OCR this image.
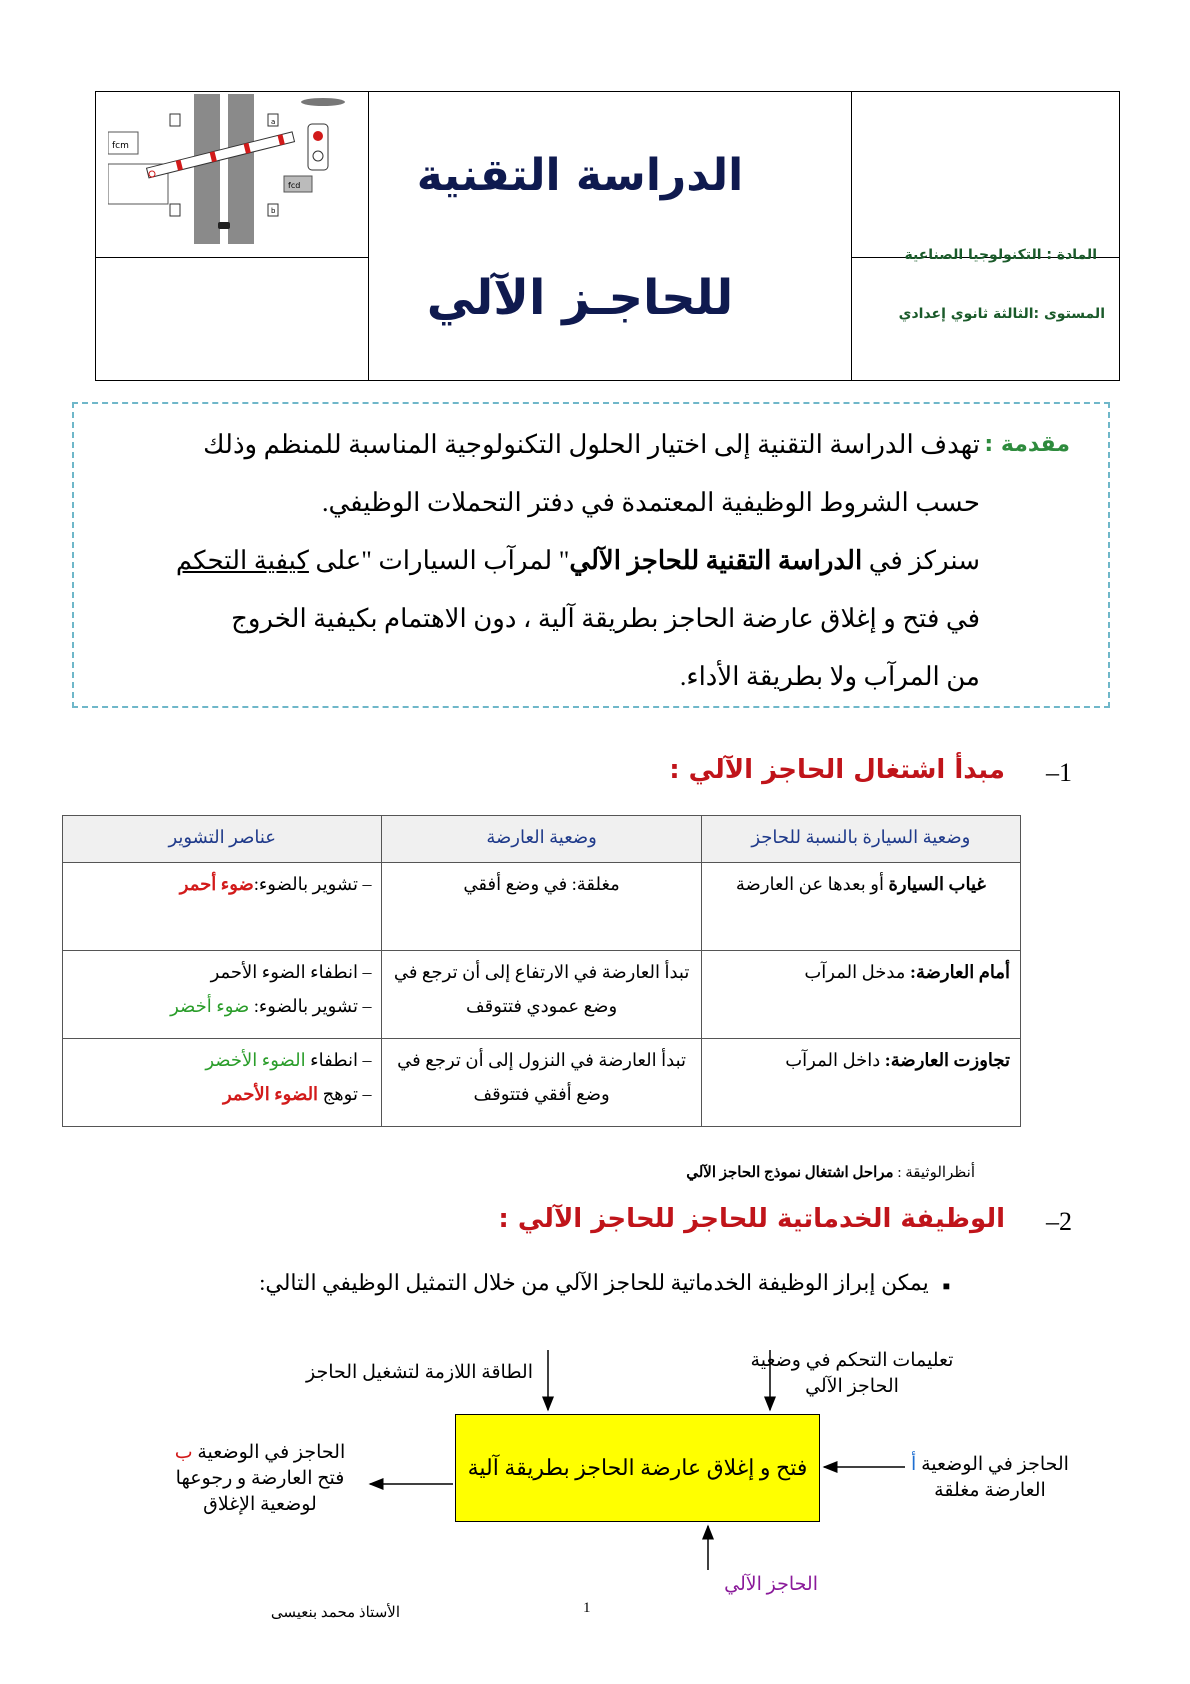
fcm
a
b
fcd
المادة : التكنولوجيا الصناعية
المستوى :الثالثة ثانوي إعدادي
الدراسة التقنية
للحاجـز الآلي
مقدمة :
تهدف الدراسة التقنية إلى اختيار الحلول التكنولوجية المناسبة للمنظم وذلك
حسب الشروط الوظيفية المعتمدة في دفتر التحملات الوظيفي.
سنركز في الدراسة التقنية للحاجز الآلي" لمرآب السيارات "على كيفية التحكم
في فتح و إغلاق عارضة الحاجز بطريقة آلية ، دون الاهتمام بكيفية الخروج
من المرآب ولا بطريقة الأداء.
1–
مبدأ اشتغال الحاجز الآلي :
وضعية السيارة بالنسبة للحاجز	وضعية العارضة	عناصر التشوير
غياب السيارة أو بعدها عن العارضة	مغلقة: في وضع أفقي	– تشوير بالضوء:ضوء أحمر
أمام العارضة: مدخل المرآب	تبدأ العارضة في الارتفاع إلى أن ترجع في وضع عمودي فتتوقف	– انطفاء الضوء الأحمر
– تشوير بالضوء: ضوء أخضر

تجاوزت العارضة: داخل المرآب	تبدأ العارضة في النزول إلى أن ترجع في وضع أفقي فتتوقف	– انطفاء الضوء الأخضر
– توهج الضوء الأحمر
أنظرالوثيقة : مراحل اشتغال نموذج الحاجز الآلي
2–
الوظيفة الخدماتية للحاجز للحاجز الآلي :
■يمكن إبراز الوظيفة الخدماتية للحاجز الآلي من خلال التمثيل الوظيفي التالي:
فتح و إغلاق عارضة الحاجز بطريقة آلية
تعليمات التحكم في وضعية الحاجز الآلي
الطاقة اللازمة لتشغيل الحاجز
الحاجز في الوضعية أ
العارضة مغلقة
الحاجز في الوضعية ب
فتح العارضة و رجوعها
لوضعية الإغلاق
الحاجز الآلي
1
الأستاذ محمد بنعيسى
